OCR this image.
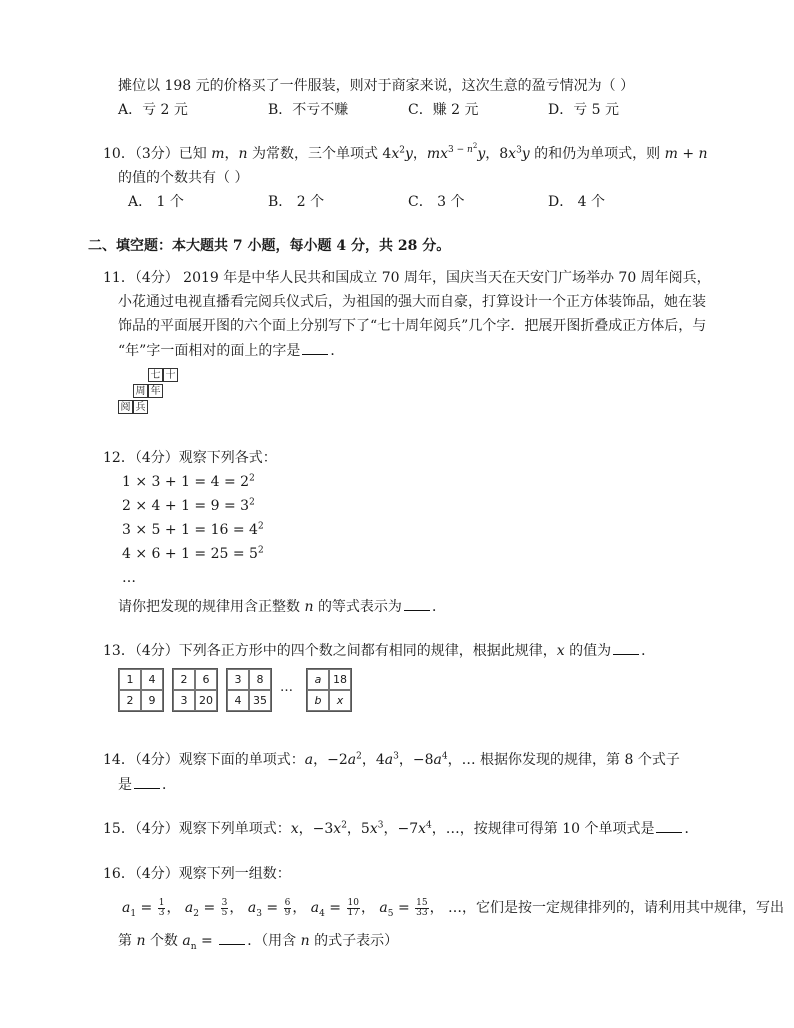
摊位以 198 元的价格买了一件服装，则对于商家来说，这次生意的盈亏情况为（ ）
A．亏 2 元	B．不亏不赚	C．赚 2 元	D．亏 5 元
10．（3分）已知 m，n 为常数，三个单项式 $4x^2y$，$mx^{3 - n^2}y$，$8x^3y$ 的和仍为单项式，则 m + n
的值的个数共有（ ）
A． 1 个	B． 2 个	C． 3 个	D． 4 个
二、填空题：本大题共 7 小题，每小题 4 分，共 28 分。
11．（4分） 2019 年是中华人民共和国成立 70 周年，国庆当天在天安门广场举办 70 周年阅兵，
小花通过电视直播看完阅兵仪式后，为祖国的强大而自豪，打算设计一个正方体装饰品，她在装
饰品的平面展开图的六个面上分别写下了“七十周年阅兵”几个字．把展开图折叠成正方体后，与
“年”字一面相对的面上的字是 ．
七 十
周 年
阅 兵
12．（4分）观察下列各式：
$1 \times 3 + 1 = 4 = 2^2$
$2 \times 4 + 1 = 9 = 3^2$
$3 \times 5 + 1 = 16 = 4^2$
$4 \times 6 + 1 = 25 = 5^2$
…
请你把发现的规律用含正整数 n 的等式表示为 ．
13．（4分）下列各正方形中的四个数之间都有相同的规律，根据此规律，x 的值为 ．
1	4
2	9
2	6
3	20
3	8
4	35
…
a	18
b	x
14．（4分）观察下面的单项式：a，$-2a^2$，$4a^3$，$-8a^4$，… 根据你发现的规律，第 8 个式子
是 ．
15．（4分）观察下列单项式：x，$-3x^2$，$5x^3$，$-7x^4$，…，按规律可得第 10 个单项式是 ．
16．（4分）观察下列一组数：
$a_1 = \frac{1}{3}$ ， $a_2 = \frac{3}{5}$ ， $a_3 = \frac{6}{9}$ ， $a_4 = \frac{10}{17}$ ， $a_5 = \frac{15}{33}$ ， …，它们是按一定规律排列的，请利用其中规律，写出
第 n 个数 $a_n$ = ．（用含 n 的式子表示）
